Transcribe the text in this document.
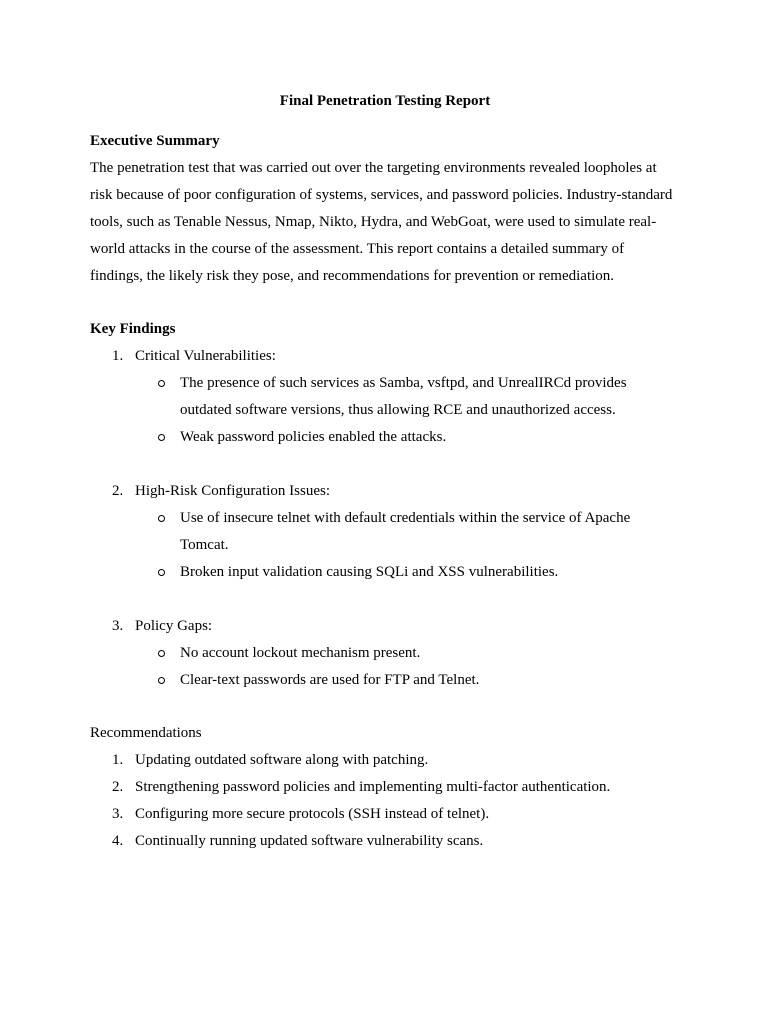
Final Penetration Testing Report

Executive Summary

The penetration test that was carried out over the targeting environments revealed loopholes at
risk because of poor configuration of systems, services, and password policies. Industry-standard
tools, such as Tenable Nessus, Nmap, Nikto, Hydra, and WebGoat, were used to simulate real-
world attacks in the course of the assessment. This report contains a detailed summary of
findings, the likely risk they pose, and recommendations for prevention or remediation.

Key Findings

1. Critical Vulnerabilities:
The presence of such services as Samba, vsftpd, and UnrealIRCd provides
outdated software versions, thus allowing RCE and unauthorized access.
Weak password policies enabled the attacks.
2. High-Risk Configuration Issues:
Use of insecure telnet with default credentials within the service of Apache
Tomcat.
Broken input validation causing SQLi and XSS vulnerabilities.
3. Policy Gaps:
No account lockout mechanism present.
Clear-text passwords are used for FTP and Telnet.

Recommendations

1. Updating outdated software along with patching.
2. Strengthening password policies and implementing multi-factor authentication.
3. Configuring more secure protocols (SSH instead of telnet).
4. Continually running updated software vulnerability scans.
